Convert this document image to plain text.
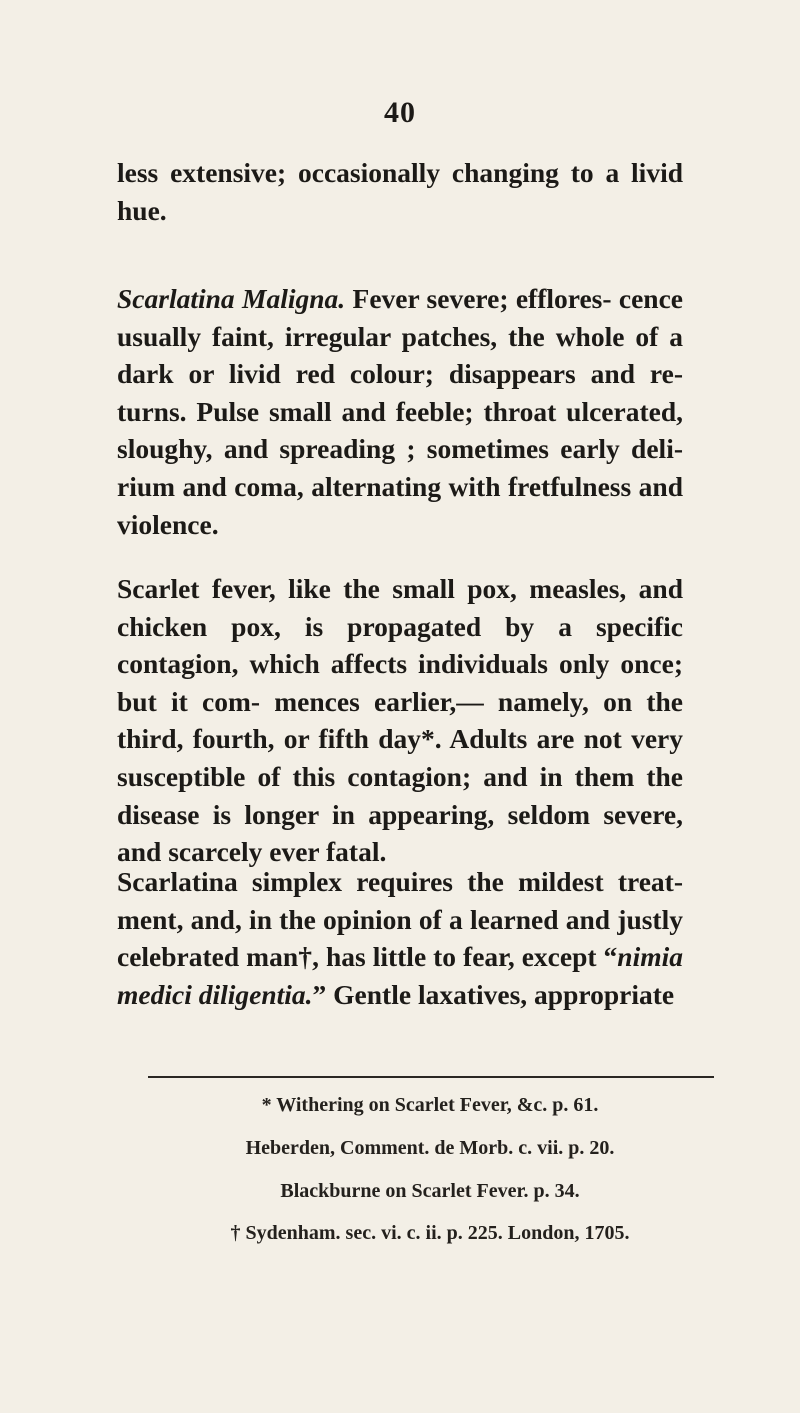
40

less extensive; occasionally changing to a livid hue.

Scarlatina Maligna. Fever severe; efflores- cence usually faint, irregular patches, the whole of a dark or livid red colour; disappears and re- turns. Pulse small and feeble; throat ulcerated, sloughy, and spreading ; sometimes early deli- rium and coma, alternating with fretfulness and violence.

Scarlet fever, like the small pox, measles, and chicken pox, is propagated by a specific contagion, which affects individuals only once; but it com- mences earlier,— namely, on the third, fourth, or fifth day*. Adults are not very susceptible of this contagion; and in them the disease is longer in appearing, seldom severe, and scarcely ever fatal.

Scarlatina simplex requires the mildest treat- ment, and, in the opinion of a learned and justly celebrated man†, has little to fear, except “nimia medici diligentia.” Gentle laxatives, appropriate

* Withering on Scarlet Fever, &c. p. 61.
Heberden, Comment. de Morb. c. vii. p. 20.
Blackburne on Scarlet Fever. p. 34.
† Sydenham. sec. vi. c. ii. p. 225. London, 1705.
